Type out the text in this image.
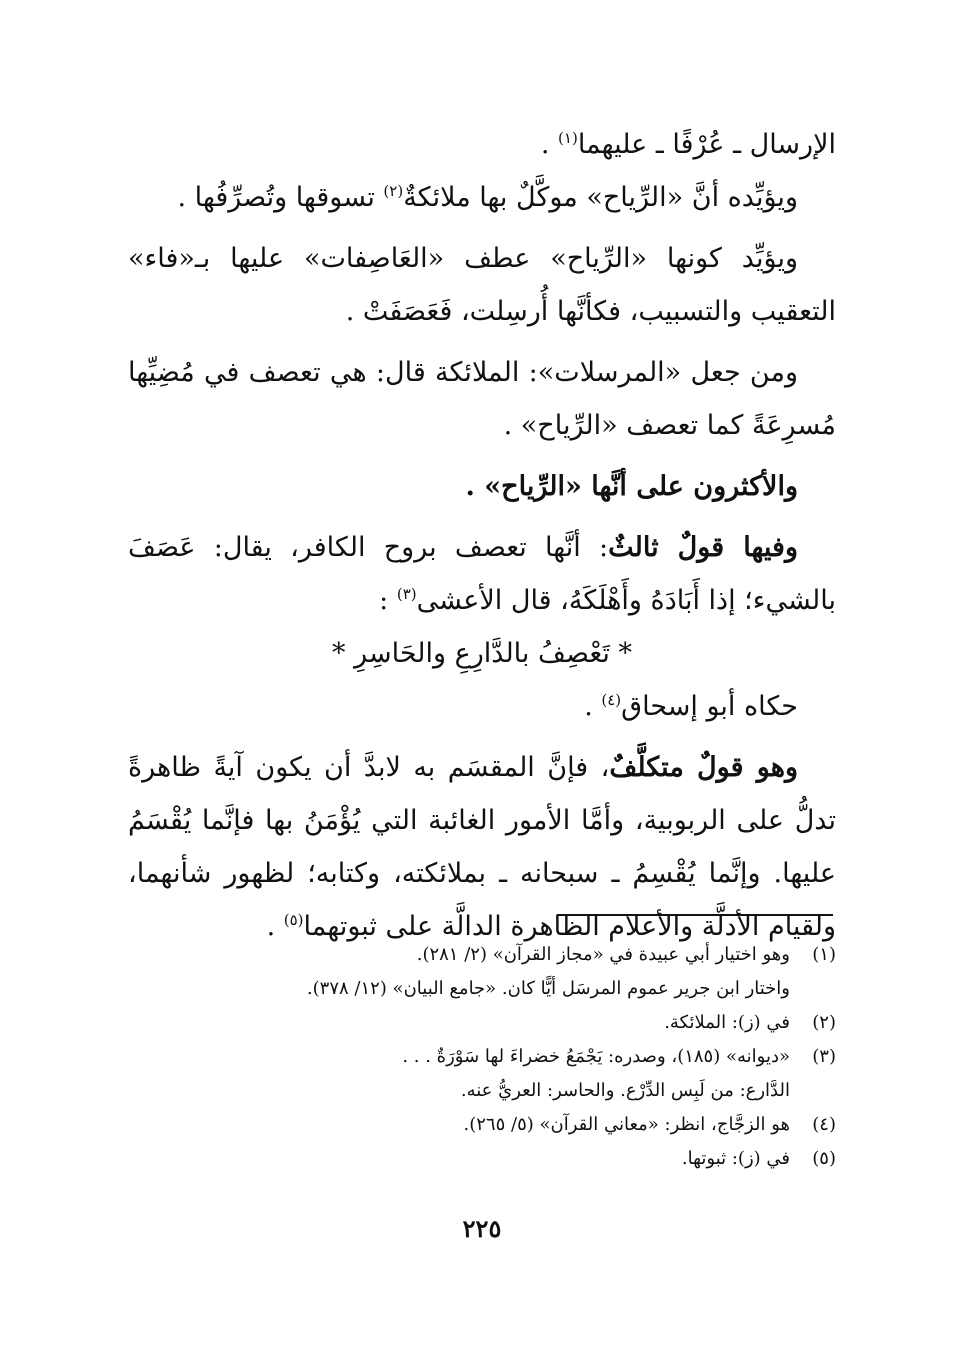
الإرسال ـ عُرْفًا ـ عليهما$^{(١)}$ .

ويؤيِّده أنَّ «الرِّياح» موكَّلٌ بها ملائكةٌ$^{(٢)}$ تسوقها وتُصرِّفُها .

ويؤيِّد كونها «الرِّياح» عطف «العَاصِفات» عليها بـ«فاء» التعقيب والتسبيب، فكأنَّها أُرسِلت، فَعَصَفَتْ .

ومن جعل «المرسلات»: الملائكة قال: هي تعصف في مُضِيِّها مُسرِعَةً كما تعصف «الرِّياح» .

والأكثرون على أنَّها «الرِّياح» .

وفيها قولٌ ثالثٌ: أنَّها تعصف بروح الكافر، يقال: عَصَفَ بالشيء؛ إذا أَبَادَهُ وأَهْلَكَهُ، قال الأعشى$^{(٣)}$ :

* تَعْصِفُ بالدَّارِعِ والحَاسِرِ *

حكاه أبو إسحاق$^{(٤)}$ .

وهو قولٌ متكلَّفٌ، فإنَّ المقسَم به لابدَّ أن يكون آيةً ظاهرةً تدلُّ على الربوبية، وأمَّا الأمور الغائبة التي يُؤْمَنُ بها فإنَّما يُقْسَمُ عليها. وإنَّما يُقْسِمُ ـ سبحانه ـ بملائكته، وكتابه؛ لظهور شأنهما، ولقيام الأدلَّة والأعلام الظاهرة الدالَّة على ثبوتهما$^{(٥)}$ .

(١)
وهو اختيار أبي عبيدة في «مجاز القرآن» (٢/ ٢٨١).
واختار ابن جرير عموم المرسَل أيًّا كان. «جامع البيان» (١٢/ ٣٧٨).
(٢)
في (ز): الملائكة.
(٣)
«ديوانه» (١٨٥)، وصدره: يَجْمَعُ خضراءَ لها سَوْرَةٌ . . .
الدَّارع: من لَبِس الدِّرْع. والحاسر: العريُّ عنه.
(٤)
هو الزجَّاج، انظر: «معاني القرآن» (٥/ ٢٦٥).
(٥)
في (ز): ثبوتها.
٢٢٥
